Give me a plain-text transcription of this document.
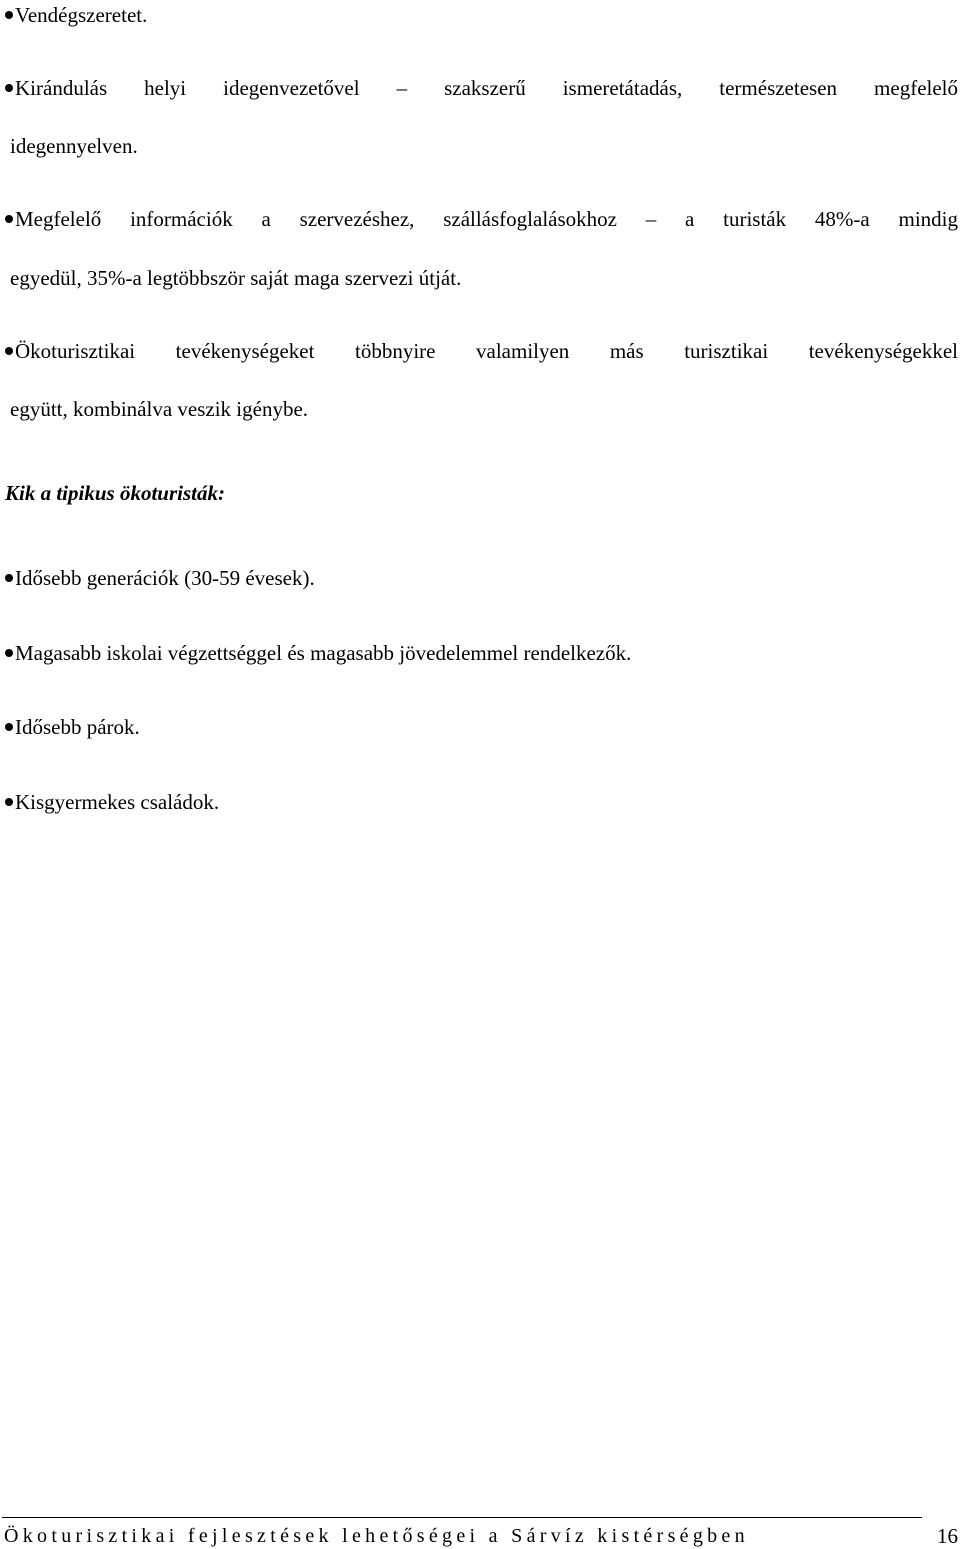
Vendégszeretet.
Kirándulás helyi idegenvezetővel – szakszerű ismeretátadás, természetesen megfelelő
idegennyelven.
Megfelelő információk a szervezéshez, szállásfoglalásokhoz – a turisták 48%-a mindig
egyedül, 35%-a legtöbbször saját maga szervezi útját.
Ökoturisztikai tevékenységeket többnyire valamilyen más turisztikai tevékenységekkel
együtt, kombinálva veszik igénybe.
Kik a tipikus ökoturisták:
Idősebb generációk (30-59 évesek).
Magasabb iskolai végzettséggel és magasabb jövedelemmel rendelkezők.
Idősebb párok.
Kisgyermekes családok.
Ökoturisztikai fejlesztések lehetőségei a Sárvíz kistérségben	16
